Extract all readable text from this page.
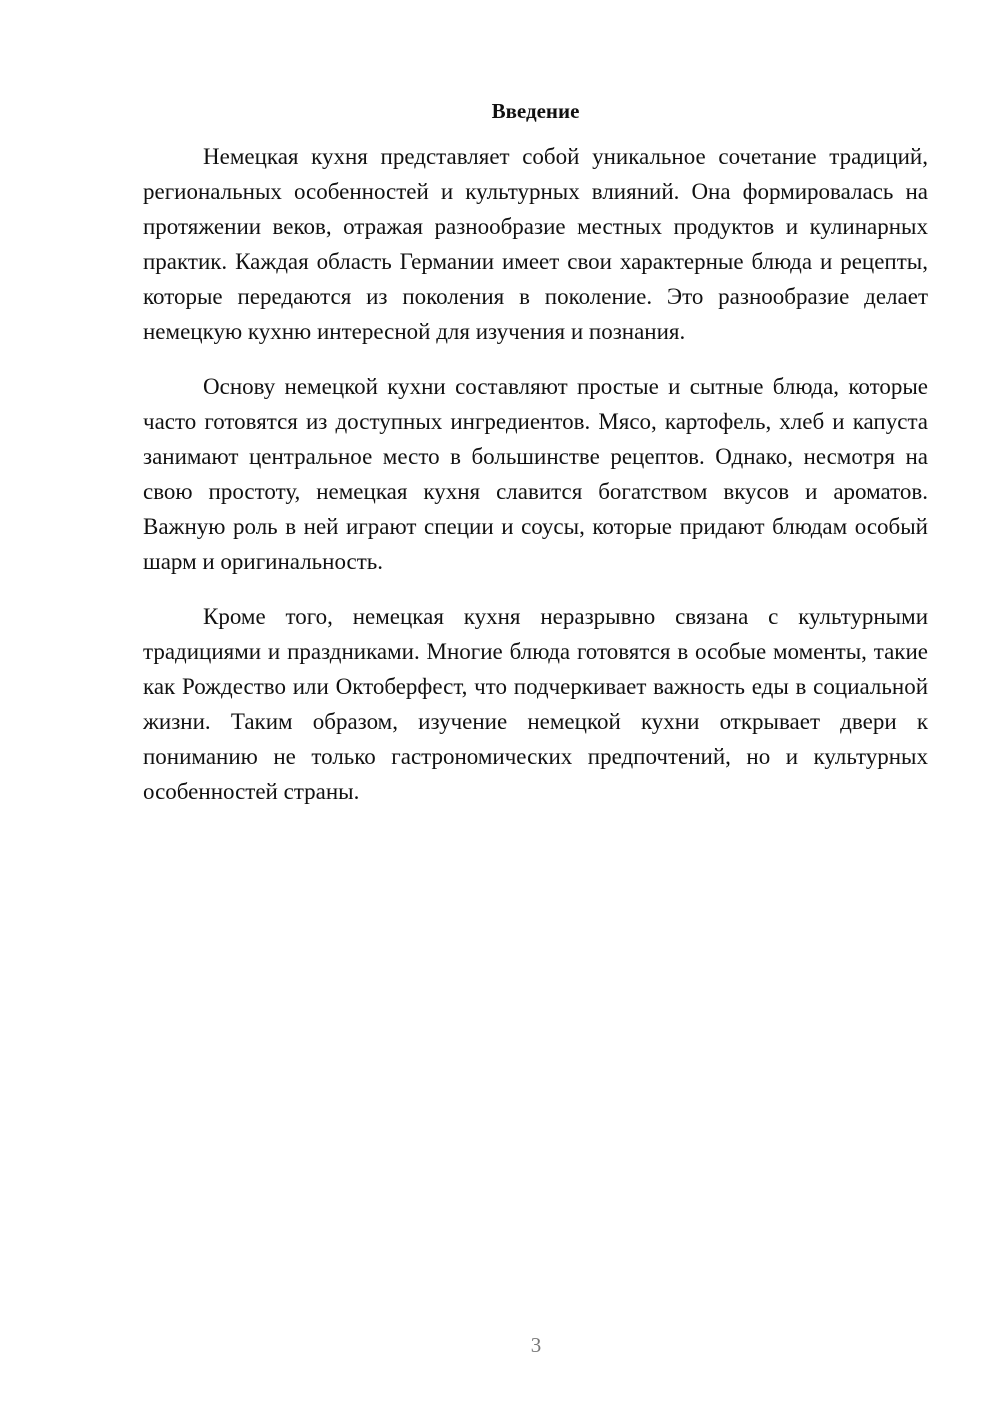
Введение

Немецкая кухня представляет собой уникальное сочетание традиций, региональных особенностей и культурных влияний. Она формировалась на протяжении веков, отражая разнообразие местных продуктов и кулинарных практик. Каждая область Германии имеет свои характерные блюда и рецепты, которые передаются из поколения в поколение. Это разнообразие делает немецкую кухню интересной для изучения и познания.

Основу немецкой кухни составляют простые и сытные блюда, которые часто готовятся из доступных ингредиентов. Мясо, картофель, хлеб и капуста занимают центральное место в большинстве рецептов. Однако, несмотря на свою простоту, немецкая кухня славится богатством вкусов и ароматов. Важную роль в ней играют специи и соусы, которые придают блюдам особый шарм и оригинальность.

Кроме того, немецкая кухня неразрывно связана с культурными традициями и праздниками. Многие блюда готовятся в особые моменты, такие как Рождество или Октоберфест, что подчеркивает важность еды в социальной жизни. Таким образом, изучение немецкой кухни открывает двери к пониманию не только гастрономических предпочтений, но и культурных особенностей страны.

3
